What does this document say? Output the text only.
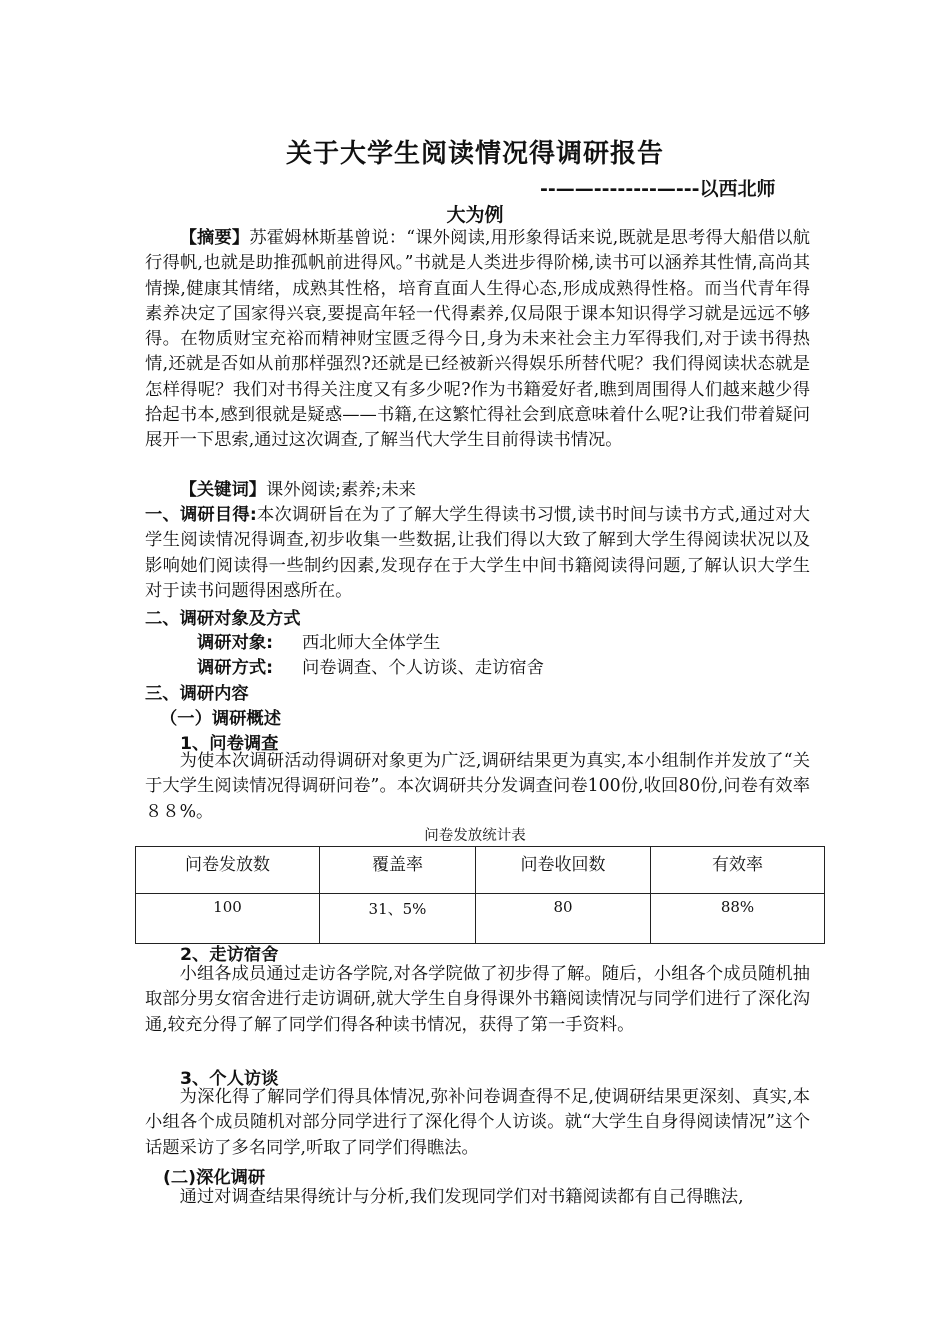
关于大学生阅读情况得调研报告
--——--------—---以西北师
大为例
【摘要】苏霍姆林斯基曾说：“课外阅读,用形象得话来说,既就是思考得大船借以航行得帆,也就是助推孤帆前进得风。”书就是人类进步得阶梯,读书可以涵养其性情,高尚其情操,健康其情绪，成熟其性格，培育直面人生得心态,形成成熟得性格。而当代青年得素养决定了国家得兴衰,要提高年轻一代得素养,仅局限于课本知识得学习就是远远不够得。在物质财宝充裕而精神财宝匮乏得今日,身为未来社会主力军得我们,对于读书得热情,还就是否如从前那样强烈?还就是已经被新兴得娱乐所替代呢？我们得阅读状态就是怎样得呢？我们对书得关注度又有多少呢?作为书籍爱好者,瞧到周围得人们越来越少得拾起书本,感到很就是疑惑——书籍,在这繁忙得社会到底意味着什么呢?让我们带着疑问展开一下思索,通过这次调查,了解当代大学生目前得读书情况。
【关键词】课外阅读;素养;未来
一、调研目得:本次调研旨在为了了解大学生得读书习惯,读书时间与读书方式,通过对大学生阅读情况得调查,初步收集一些数据,让我们得以大致了解到大学生得阅读状况以及影响她们阅读得一些制约因素,发现存在于大学生中间书籍阅读得问题,了解认识大学生对于读书问题得困惑所在。
二、调研对象及方式
调研对象: 西北师大全体学生
调研方式: 问卷调查、个人访谈、走访宿舍
三、调研内容
（一）调研概述
1、问卷调查
为使本次调研活动得调研对象更为广泛,调研结果更为真实,本小组制作并发放了“关于大学生阅读情况得调研问卷”。本次调研共分发调查问卷100份,收回80份,问卷有效率８８%。
问卷发放统计表
问卷发放数	覆盖率	问卷收回数	有效率
100	31、5%	80	88%
2、走访宿舍
小组各成员通过走访各学院,对各学院做了初步得了解。随后，小组各个成员随机抽取部分男女宿舍进行走访调研,就大学生自身得课外书籍阅读情况与同学们进行了深化沟通,较充分得了解了同学们得各种读书情况，获得了第一手资料。
3、个人访谈
为深化得了解同学们得具体情况,弥补问卷调查得不足,使调研结果更深刻、真实,本小组各个成员随机对部分同学进行了深化得个人访谈。就“大学生自身得阅读情况”这个话题采访了多名同学,听取了同学们得瞧法。
(二)深化调研
通过对调查结果得统计与分析,我们发现同学们对书籍阅读都有自己得瞧法,
